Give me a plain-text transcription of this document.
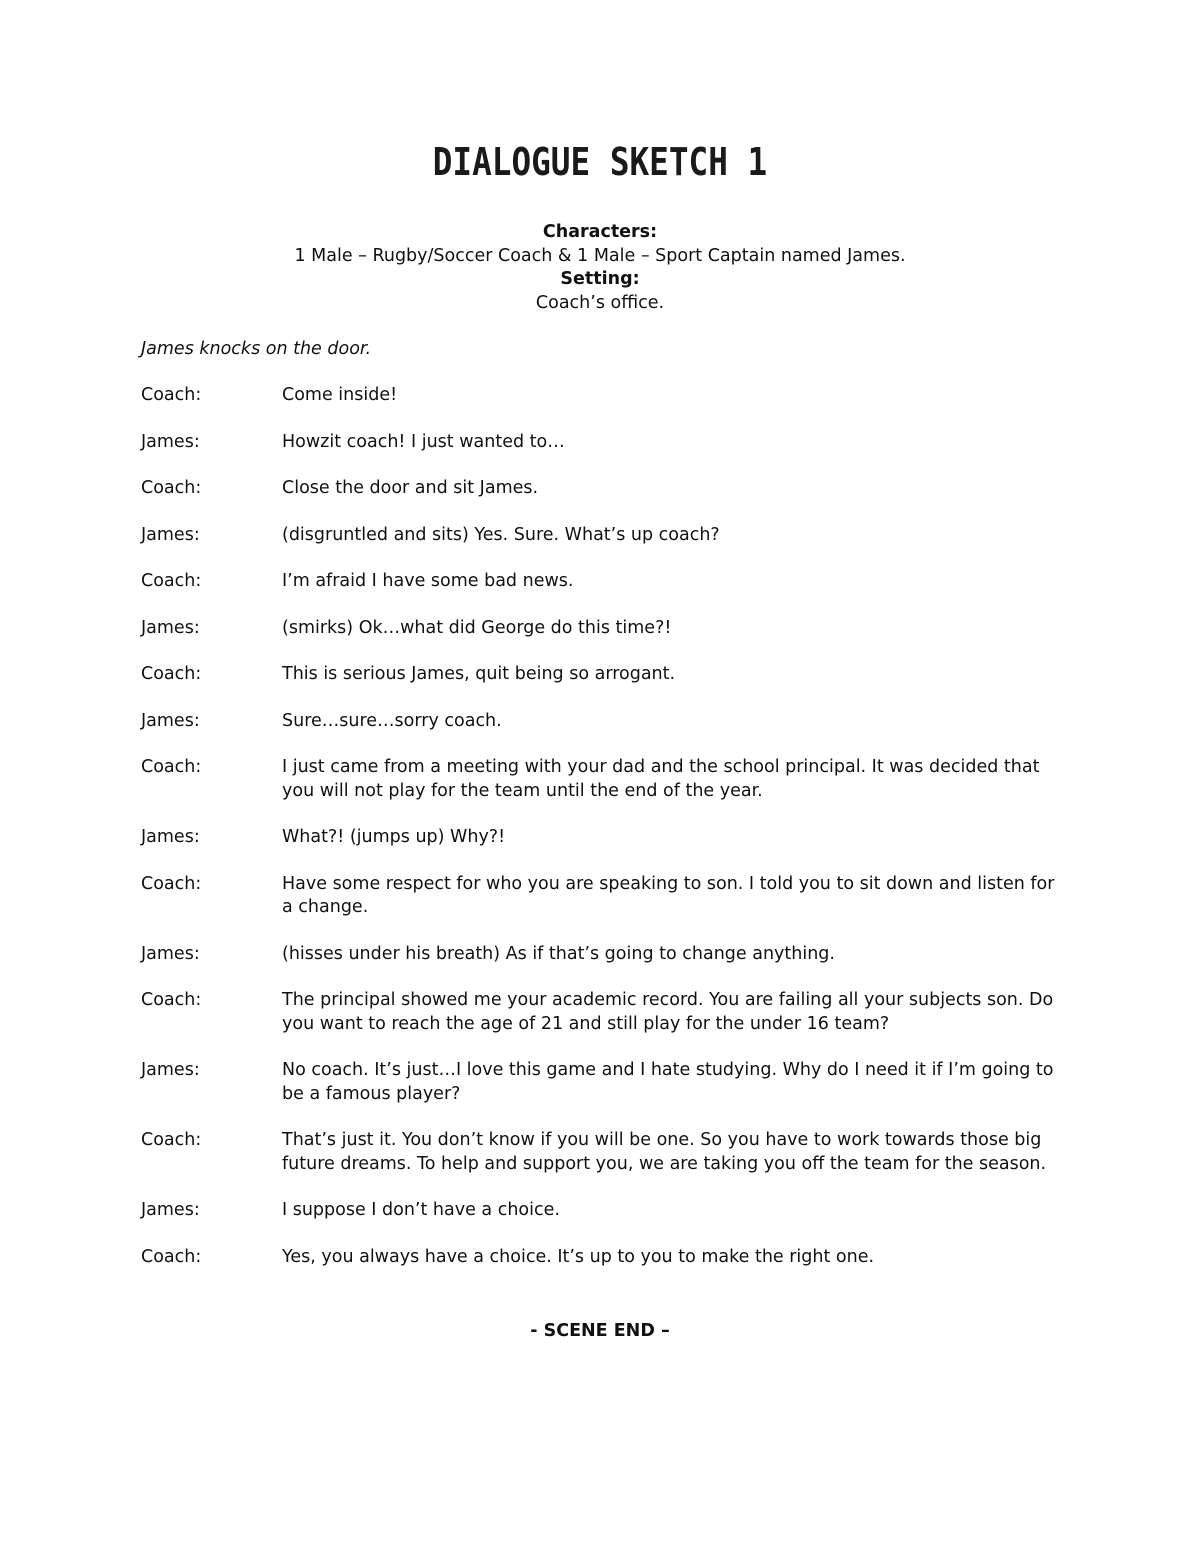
DIALOGUE SKETCH 1
Characters:
1 Male – Rugby/Soccer Coach & 1 Male – Sport Captain named James.
Setting:
Coach’s office.
James knocks on the door.
Coach:	Come inside!
James:	Howzit coach! I just wanted to…
Coach:	Close the door and sit James.
James:	(disgruntled and sits) Yes. Sure. What’s up coach?
Coach:	I’m afraid I have some bad news.
James:	(smirks) Ok…what did George do this time?!
Coach:	This is serious James, quit being so arrogant.
James:	Sure…sure…sorry coach.
Coach:	I just came from a meeting with your dad and the school principal. It was decided that you will not play for the team until the end of the year.
James:	What?! (jumps up) Why?!
Coach:	Have some respect for who you are speaking to son. I told you to sit down and listen for a change.
James:	(hisses under his breath) As if that’s going to change anything.
Coach:	The principal showed me your academic record. You are failing all your subjects son. Do you want to reach the age of 21 and still play for the under 16 team?
James:	No coach. It’s just…I love this game and I hate studying. Why do I need it if I’m going to be a famous player?
Coach:	That’s just it. You don’t know if you will be one. So you have to work towards those big future dreams. To help and support you, we are taking you off the team for the season.
James:	I suppose I don’t have a choice.
Coach:	Yes, you always have a choice. It’s up to you to make the right one.
- SCENE END –
